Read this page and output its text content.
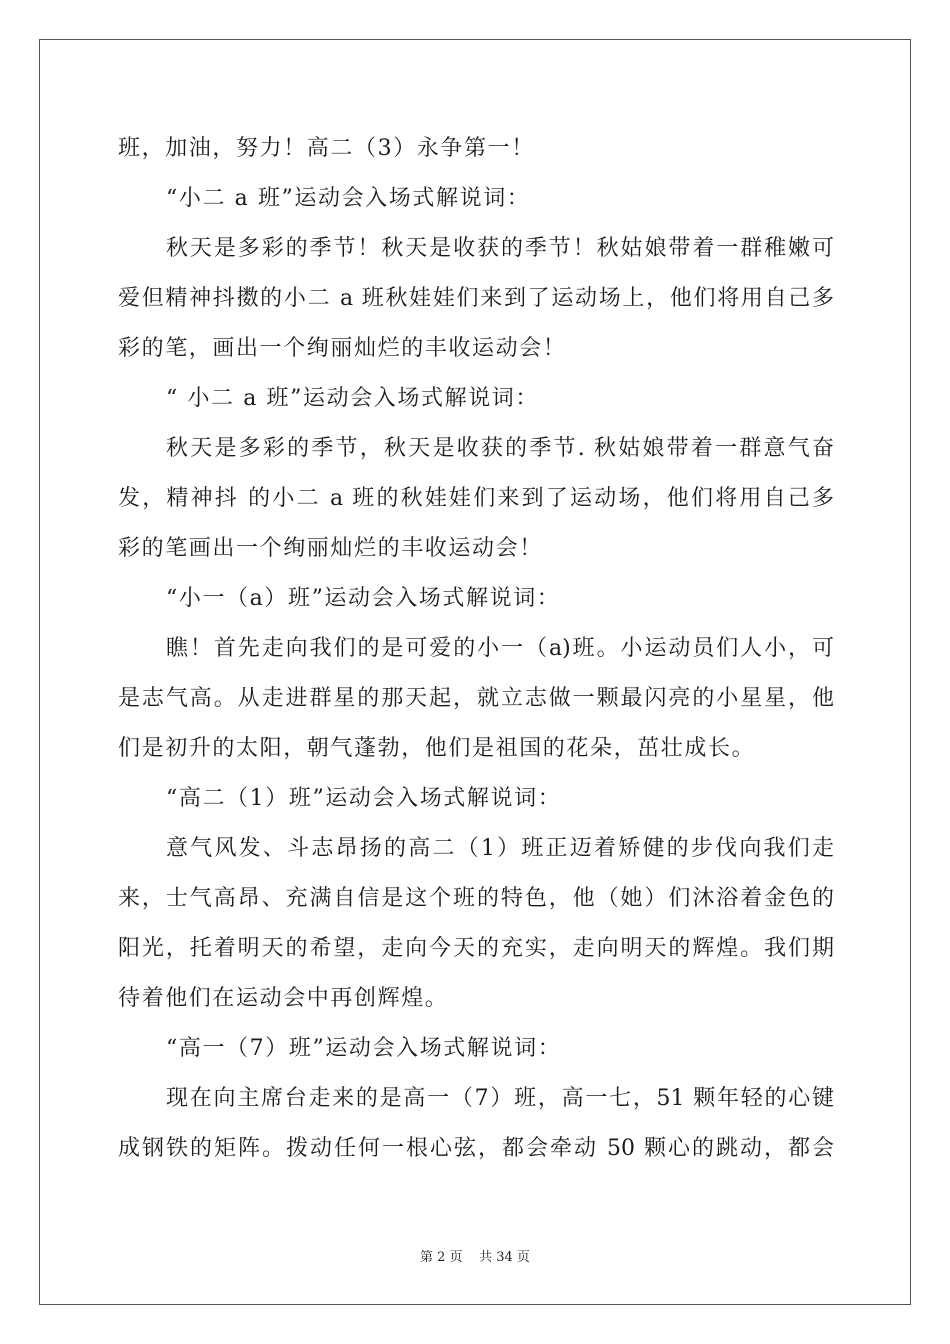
班，加油，努力！高二（3）永争第一！
“小二 a 班”运动会入场式解说词：
秋天是多彩的季节！秋天是收获的季节！秋姑娘带着一群稚嫩可
爱但精神抖擞的小二 a 班秋娃娃们来到了运动场上，他们将用自己多
彩的笔，画出一个绚丽灿烂的丰收运动会！
“ 小二 a 班”运动会入场式解说词：
秋天是多彩的季节，秋天是收获的季节. 秋姑娘带着一群意气奋
发，精神抖 的小二 a 班的秋娃娃们来到了运动场，他们将用自己多
彩的笔画出一个绚丽灿烂的丰收运动会！
“小一（a）班”运动会入场式解说词：
瞧！首先走向我们的是可爱的小一（a)班。小运动员们人小，可
是志气高。从走进群星的那天起，就立志做一颗最闪亮的小星星，他
们是初升的太阳，朝气蓬勃，他们是祖国的花朵，茁壮成长。
“高二（1）班”运动会入场式解说词：
意气风发、斗志昂扬的高二（1）班正迈着矫健的步伐向我们走
来，士气高昂、充满自信是这个班的特色，他（她）们沐浴着金色的
阳光，托着明天的希望，走向今天的充实，走向明天的辉煌。我们期
待着他们在运动会中再创辉煌。
“高一（7）班”运动会入场式解说词：
现在向主席台走来的是高一（7）班，高一七，51 颗年轻的心键
成钢铁的矩阵。拨动任何一根心弦，都会牵动 50 颗心的跳动，都会
第 2 页 共 34 页
